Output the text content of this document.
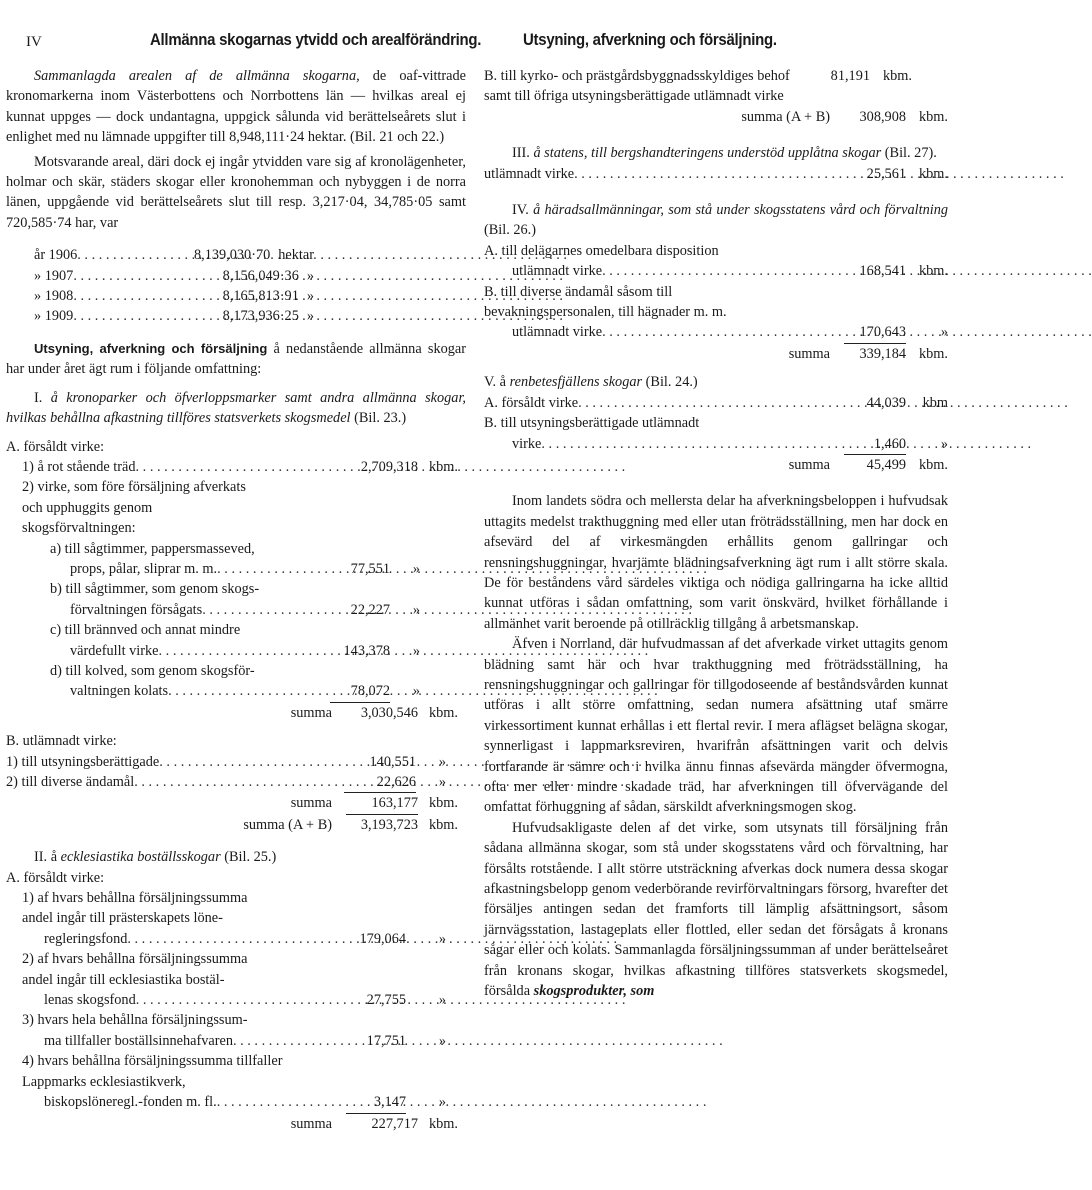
IV	Allmänna skogarnas ytvidd och arealförändring. Utsyning, afverkning och försäljning.

Sammanlagda arealen af de allmänna skogarna, de oaf-vittrade kronomarkerna inom Västerbottens och Norrbottens län — hvilkas areal ej kunnat uppges — dock undantagna, uppgick sålunda vid berättelseårets slut i enlighet med nu lämnade uppgifter till 8,948,111·24 hektar. (Bil. 21 och 22.)

Motsvarande areal, däri dock ej ingår ytvidden vare sig af kronolägenheter, holmar och skär, städers skogar eller kronohemman och nybyggen i de norra länen, uppgående vid berättelseårets slut till resp. 3,217·04, 34,785·05 samt 720,585·74 har, var

år 1906 . . .	8,139,030·70 hektar
» 1907 . . .	8,156,049·36 »
» 1908 . . .	8,165,813·91 »
» 1909 . . .	8,173,936·25 »

Utsyning, afverkning och försäljning å nedanstående allmänna skogar har under året ägt rum i följande omfattning:

I. å kronoparker och öfverloppsmarker samt andra allmänna skogar, hvilkas behållna afkastning tillföres statsverkets skogsmedel (Bil. 23.)

A. försåldt virke:
1) å rot stående träd . . .	2,709,318 kbm.
2) virke, som före försäljning afverkats och upphuggits genom skogsförvaltningen:
a) till sågtimmer, pappersmasseved,
props, pålar, sliprar m. m. . . .	77,551	»
b) till sågtimmer, som genom skogs-
förvaltningen försågats . . .	22,227	»
c) till brännved och annat mindre
värdefullt virke . . .	143,378	»
d) till kolved, som genom skogsför-
valtningen kolats . . .	78,072	»
summa	3,030,546 kbm.
B. utlämnadt virke:
1) till utsyningsberättigade . . .	140,551	»
2) till diverse ändamål . . .	22,626	»
summa	163,177 kbm.
summa (A + B)	3,193,723 kbm.

II. å ecklesiastika boställsskogar (Bil. 25.)

A. försåldt virke:
1) af hvars behållna försäljningssumma andel ingår till prästerskapets löne-
regleringsfond . . .	179,064	»
2) af hvars behållna försäljningssumma andel ingår till ecklesiastika bostäl-
lenas skogsfond . . .	27,755	»
3) hvars hela behållna försäljningssum-
ma tillfaller boställsinnehafvaren . . .	17,751	»
4) hvars behållna försäljningssumma tillfaller Lappmarks ecklesiastikverk,
biskopslöneregl.-fonden m. fl. . . .	3,147	»
summa	227,717 kbm.
B. till kyrko- och prästgårdsbyggnadsskyldiges behof samt till öfriga utsyningsberättigade utlämnadt virke
81,191 kbm.
summa (A + B)	308,908 kbm.

III. å statens, till bergshandteringens understöd upplåtna skogar (Bil. 27).

utlämnadt virke . . .	25,561 kbm.

IV. å häradsallmänningar, som stå under skogsstatens vård och förvaltning (Bil. 26.)

A. till delägarnes omedelbara disposition
utlämnadt virke . . .	168,541 kbm.
B. till diverse ändamål såsom till bevakningspersonalen, till hägnader m. m.
utlämnadt virke . . .	170,643	»
summa	339,184 kbm.

V. å renbetesfjällens skogar (Bil. 24.)

A. försåldt virke . . .	44,039	kbm
B. till utsyningsberättigade utlämnadt
virke . . .	1,460	»
summa	45,499 kbm.

Inom landets södra och mellersta delar ha afverkningsbeloppen i hufvudsak uttagits medelst trakthuggning med eller utan fröträdsställning, men har dock en afsevärd del af virkesmängden erhållits genom gallringar och rensningshuggningar, hvarjämte blädningsafverkning ägt rum i allt större skala. De för beståndens vård särdeles viktiga och nödiga gallringarna ha icke alltid kunnat utföras i sådan omfattning, som varit önskvärd, hvilket förhållande i allmänhet varit beroende på otillräcklig tillgång å arbetsmanskap.

Äfven i Norrland, där hufvudmassan af det afverkade virket uttagits genom blädning samt här och hvar trakthuggning med fröträdsställning, ha rensningshuggningar och gallringar för tillgodoseende af beståndsvården kunnat utföras i allt större omfattning, sedan numera afsättning utaf smärre virkessortiment kunnat erhållas i ett flertal revir. I mera aflägset belägna skogar, synnerligast i lappmarksreviren, hvarifrån afsättningen varit och delvis fortfarande är sämre och i hvilka ännu finnas afsevärda mängder öfvermogna, ofta mer eller mindre skadade träd, har afverkningen till öfvervägande del omfattat förhuggning af sådan, särskildt afverkningsmogen skog.

Hufvudsakligaste delen af det virke, som utsynats till försäljning från sådana allmänna skogar, som stå under skogsstatens vård och förvaltning, har försålts rotstående. I allt större utsträckning afverkas dock numera dessa skogar afkastningsbelopp genom vederbörande revirförvaltningars försorg, hvarefter det försäljes antingen sedan det framforts till lämplig afsättningsort, såsom järnvägsstation, lastageplats eller flottled, eller sedan det försågats å kronans sågar eller och kolats. Sammanlagda försäljningssumman af under berättelseåret från kronans skogar, hvilkas afkastning tillföres statsverkets skogsmedel, försålda skogsprodukter, som
